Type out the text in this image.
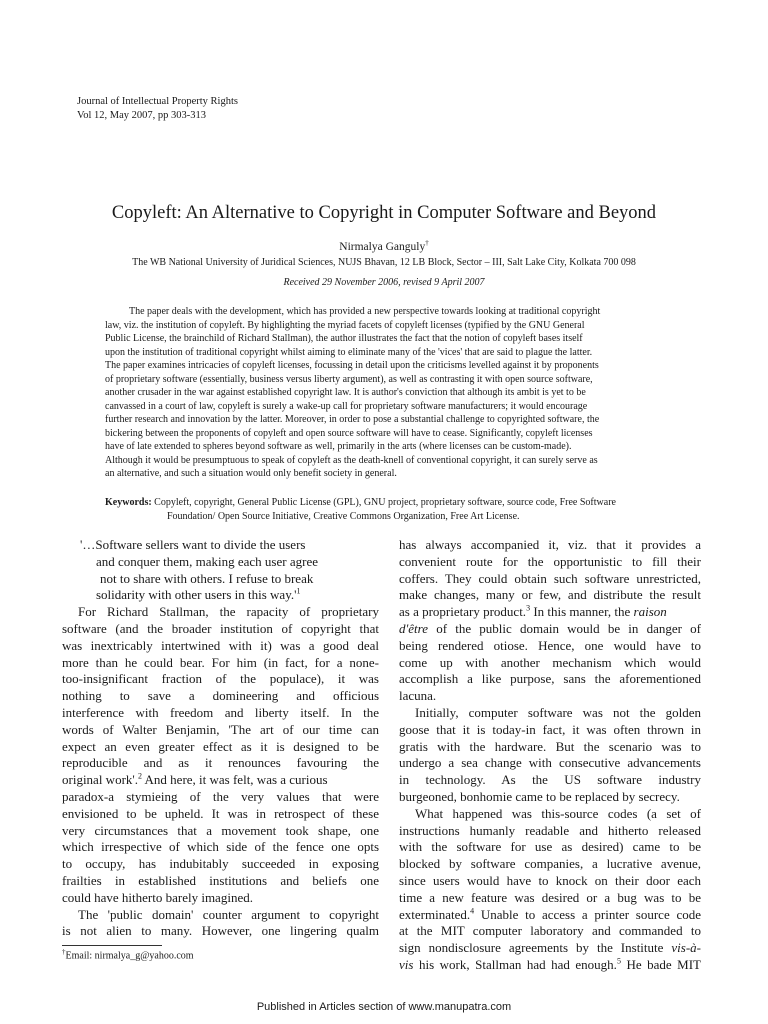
Journal of Intellectual Property Rights
Vol 12, May 2007, pp 303-313
Copyleft: An Alternative to Copyright in Computer Software and Beyond
Nirmalya Ganguly†
The WB National University of Juridical Sciences, NUJS Bhavan, 12 LB Block, Sector – III, Salt Lake City, Kolkata 700 098
Received 29 November 2006, revised 9 April 2007
The paper deals with the development, which has provided a new perspective towards looking at traditional copyright
law, viz. the institution of copyleft. By highlighting the myriad facets of copyleft licenses (typified by the GNU General
Public License, the brainchild of Richard Stallman), the author illustrates the fact that the notion of copyleft bases itself
upon the institution of traditional copyright whilst aiming to eliminate many of the 'vices' that are said to plague the latter.
The paper examines intricacies of copyleft licenses, focussing in detail upon the criticisms levelled against it by proponents
of proprietary software (essentially, business versus liberty argument), as well as contrasting it with open source software,
another crusader in the war against established copyright law. It is author's conviction that although its ambit is yet to be
canvassed in a court of law, copyleft is surely a wake-up call for proprietary software manufacturers; it would encourage
further research and innovation by the latter. Moreover, in order to pose a substantial challenge to copyrighted software, the
bickering between the proponents of copyleft and open source software will have to cease. Significantly, copyleft licenses
have of late extended to spheres beyond software as well, primarily in the arts (where licenses can be custom-made).
Although it would be presumptuous to speak of copyleft as the death-knell of conventional copyright, it can surely serve as
an alternative, and such a situation would only benefit society in general.
Keywords: Copyleft, copyright, General Public License (GPL), GNU project, proprietary software, source code, Free Software
Foundation/ Open Source Initiative, Creative Commons Organization, Free Art License.
'…Software sellers want to divide the users
and conquer them, making each user agree
not to share with others. I refuse to break
solidarity with other users in this way.'$^1$
For Richard Stallman, the rapacity of proprietary
software (and the broader institution of copyright that
was inextricably intertwined with it) was a good deal
more than he could bear. For him (in fact, for a none-
too-insignificant fraction of the populace), it was
nothing to save a domineering and officious
interference with freedom and liberty itself. In the
words of Walter Benjamin, 'The art of our time can
expect an even greater effect as it is designed to be
reproducible and as it renounces favouring the
original work'.$^2$ And here, it was felt, was a curious
paradox-a stymieing of the very values that were
envisioned to be upheld. It was in retrospect of these
very circumstances that a movement took shape, one
which irrespective of which side of the fence one opts
to occupy, has indubitably succeeded in exposing
frailties in established institutions and beliefs one
could have hitherto barely imagined.
The 'public domain' counter argument to copyright
is not alien to many. However, one lingering qualm
has always accompanied it, viz. that it provides a
convenient route for the opportunistic to fill their
coffers. They could obtain such software unrestricted,
make changes, many or few, and distribute the result
as a proprietary product.$^3$ In this manner, the raison
d'être of the public domain would be in danger of
being rendered otiose. Hence, one would have to
come up with another mechanism which would
accomplish a like purpose, sans the aforementioned
lacuna.
Initially, computer software was not the golden
goose that it is today-in fact, it was often thrown in
gratis with the hardware. But the scenario was to
undergo a sea change with consecutive advancements
in technology. As the US software industry
burgeoned, bonhomie came to be replaced by secrecy.
What happened was this-source codes (a set of
instructions humanly readable and hitherto released
with the software for use as desired) came to be
blocked by software companies, a lucrative avenue,
since users would have to knock on their door each
time a new feature was desired or a bug was to be
exterminated.$^4$ Unable to access a printer source code
at the MIT computer laboratory and commanded to
sign nondisclosure agreements by the Institute vis-à-
vis his work, Stallman had had enough.$^5$ He bade MIT
†Email: nirmalya_g@yahoo.com
Published in Articles section of www.manupatra.com
